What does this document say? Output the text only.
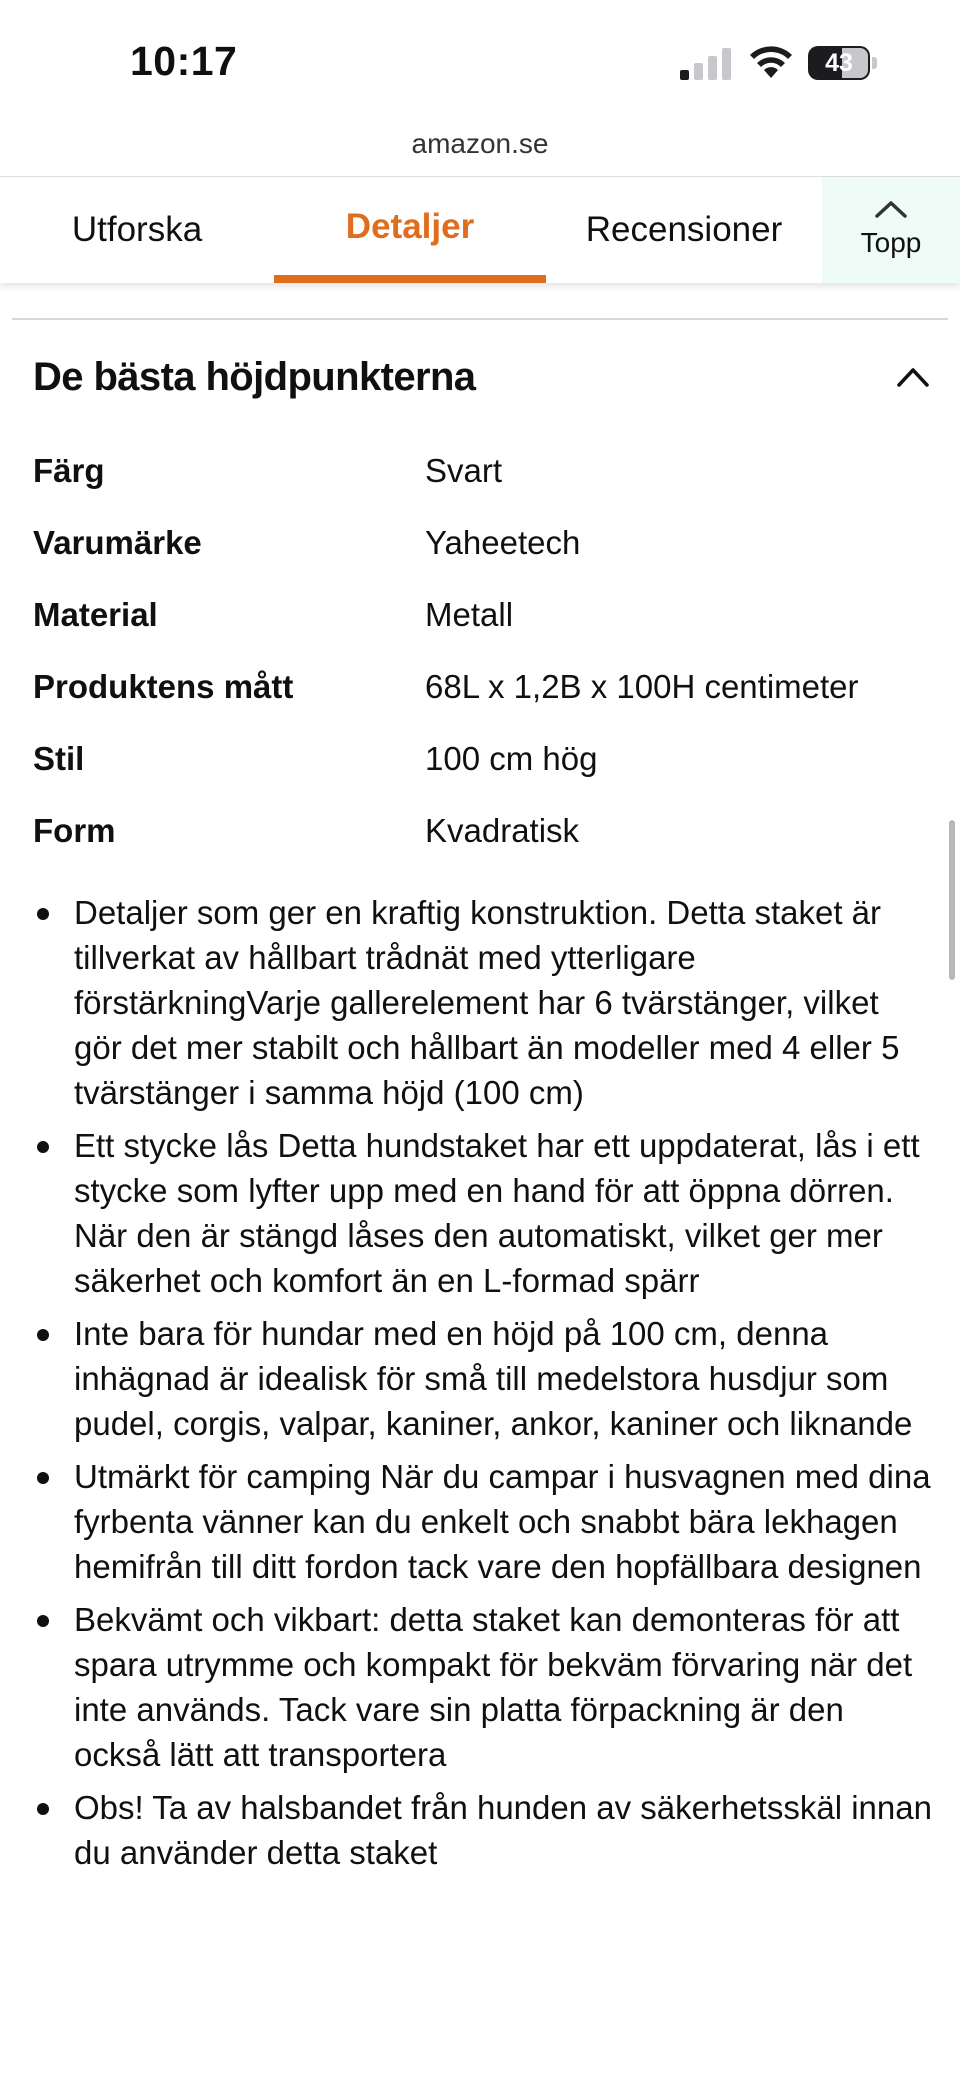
10:17	43
amazon.se
Utforska	Detaljer	Recensioner	Topp
De bästa höjdpunkterna
Färg	Svart
Varumärke	Yaheetech
Material	Metall
Produktens mått	68L x 1,2B x 100H centimeter
Stil	100 cm hög
Form	Kvadratisk
Detaljer som ger en kraftig konstruktion. Detta staket är tillverkat av hållbart trådnät med ytterligare förstärkningVarje gallerelement har 6 tvärstänger, vilket gör det mer stabilt och hållbart än modeller med 4 eller 5 tvärstänger i samma höjd (100 cm)
Ett stycke lås Detta hundstaket har ett uppdaterat, lås i ett stycke som lyfter upp med en hand för att öppna dörren. När den är stängd låses den automatiskt, vilket ger mer säkerhet och komfort än en L-formad spärr
Inte bara för hundar med en höjd på 100 cm, denna inhägnad är idealisk för små till medelstora husdjur som pudel, corgis, valpar, kaniner, ankor, kaniner och liknande
Utmärkt för camping När du campar i husvagnen med dina fyrbenta vänner kan du enkelt och snabbt bära lekhagen hemifrån till ditt fordon tack vare den hopfällbara designen
Bekvämt och vikbart: detta staket kan demonteras för att spara utrymme och kompakt för bekväm förvaring när det inte används. Tack vare sin platta förpackning är den också lätt att transportera
Obs! Ta av halsbandet från hunden av säkerhetsskäl innan du använder detta staket
